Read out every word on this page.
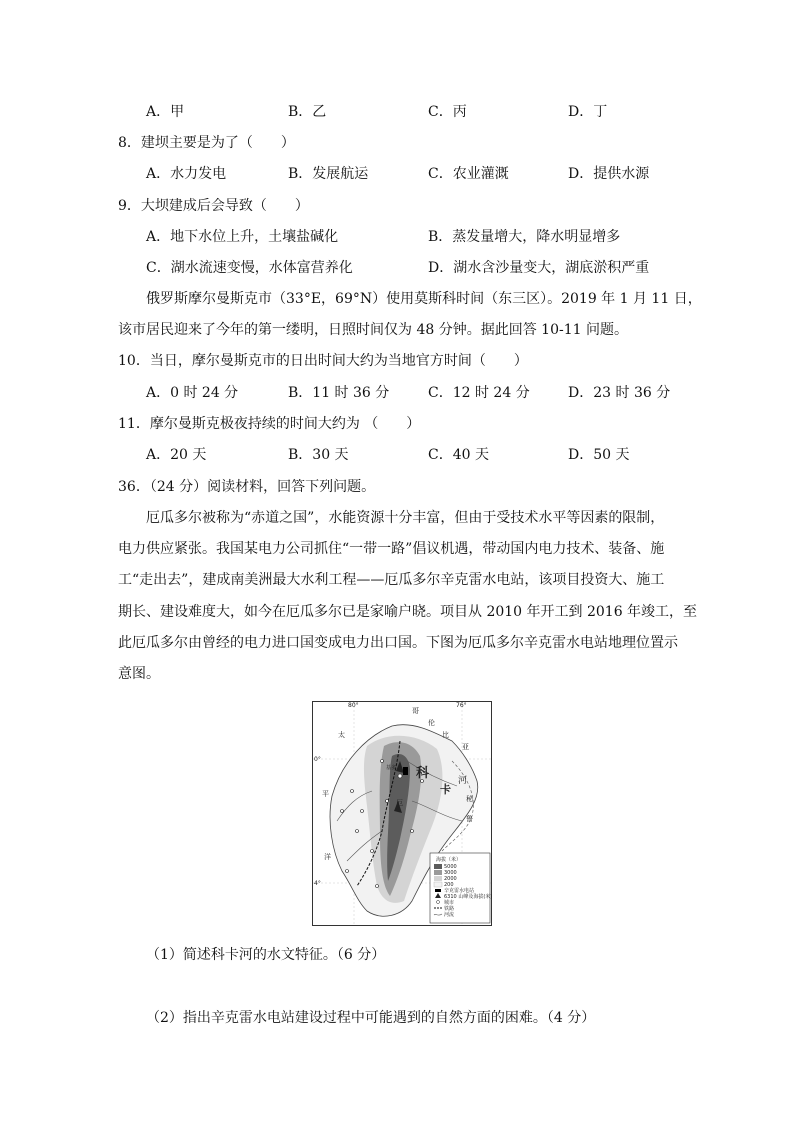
A．甲	B．乙	C．丙	D．丁
8．建坝主要是为了（　　）
A．水力发电	B．发展航运	C．农业灌溉	D．提供水源
9．大坝建成后会导致（　　）
A．地下水位上升，土壤盐碱化	B．蒸发量增大，降水明显增多
C．湖水流速变慢，水体富营养化	D．湖水含沙量变大，湖底淤积严重
俄罗斯摩尔曼斯克市（33°E，69°N）使用莫斯科时间（东三区）。2019 年 1 月 11 日，
该市居民迎来了今年的第一缕明，日照时间仅为 48 分钟。据此回答 10-11 问题。
10．当日，摩尔曼斯克市的日出时间大约为当地官方时间（　　）
A．0 时 24 分	B．11 时 36 分	C．12 时 24 分	D．23 时 36 分
11．摩尔曼斯克极夜持续的时间大约为 （　　）
A．20 天	B．30 天	C．40 天	D．50 天
36．（24 分）阅读材料，回答下列问题。
厄瓜多尔被称为“赤道之国”，水能资源十分丰富，但由于受技术水平等因素的限制，
电力供应紧张。我国某电力公司抓住“一带一路”倡议机遇，带动国内电力技术、装备、施
工“走出去”，建成南美洲最大水利工程——厄瓜多尔辛克雷水电站，该项目投资大、施工
期长、建设难度大，如今在厄瓜多尔已是家喻户晓。项目从 2010 年开工到 2016 年竣工，至
此厄瓜多尔由曾经的电力进口国变成电力出口国。下图为厄瓜多尔辛克雷水电站地理位置示
意图。
80°	76°
0°
4°
太
平
洋
哥
伦
比
亚
科
卡
河
秘
鲁
基多
厄
海拔（米）
5000
3000
2000
200
辛克雷水电站
6310 山峰及海拔(米)
城市
铁路
河流
（1）简述科卡河的水文特征。（6 分）
（2）指出辛克雷水电站建设过程中可能遇到的自然方面的困难。（4 分）
